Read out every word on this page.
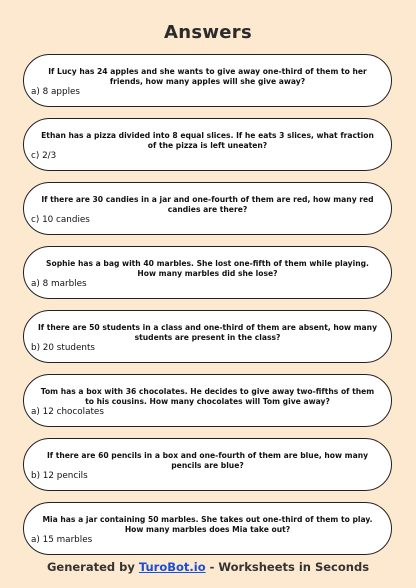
Answers
If Lucy has 24 apples and she wants to give away one-third of them to her friends, how many apples will she give away?
a) 8 apples
Ethan has a pizza divided into 8 equal slices. If he eats 3 slices, what fraction of the pizza is left uneaten?
c) 2/3
If there are 30 candies in a jar and one-fourth of them are red, how many red candies are there?
c) 10 candies
Sophie has a bag with 40 marbles. She lost one-fifth of them while playing. How many marbles did she lose?
a) 8 marbles
If there are 50 students in a class and one-third of them are absent, how many students are present in the class?
b) 20 students
Tom has a box with 36 chocolates. He decides to give away two-fifths of them to his cousins. How many chocolates will Tom give away?
a) 12 chocolates
If there are 60 pencils in a box and one-fourth of them are blue, how many pencils are blue?
b) 12 pencils
Mia has a jar containing 50 marbles. She takes out one-third of them to play. How many marbles does Mia take out?
a) 15 marbles
Generated by TuroBot.io - Worksheets in Seconds
